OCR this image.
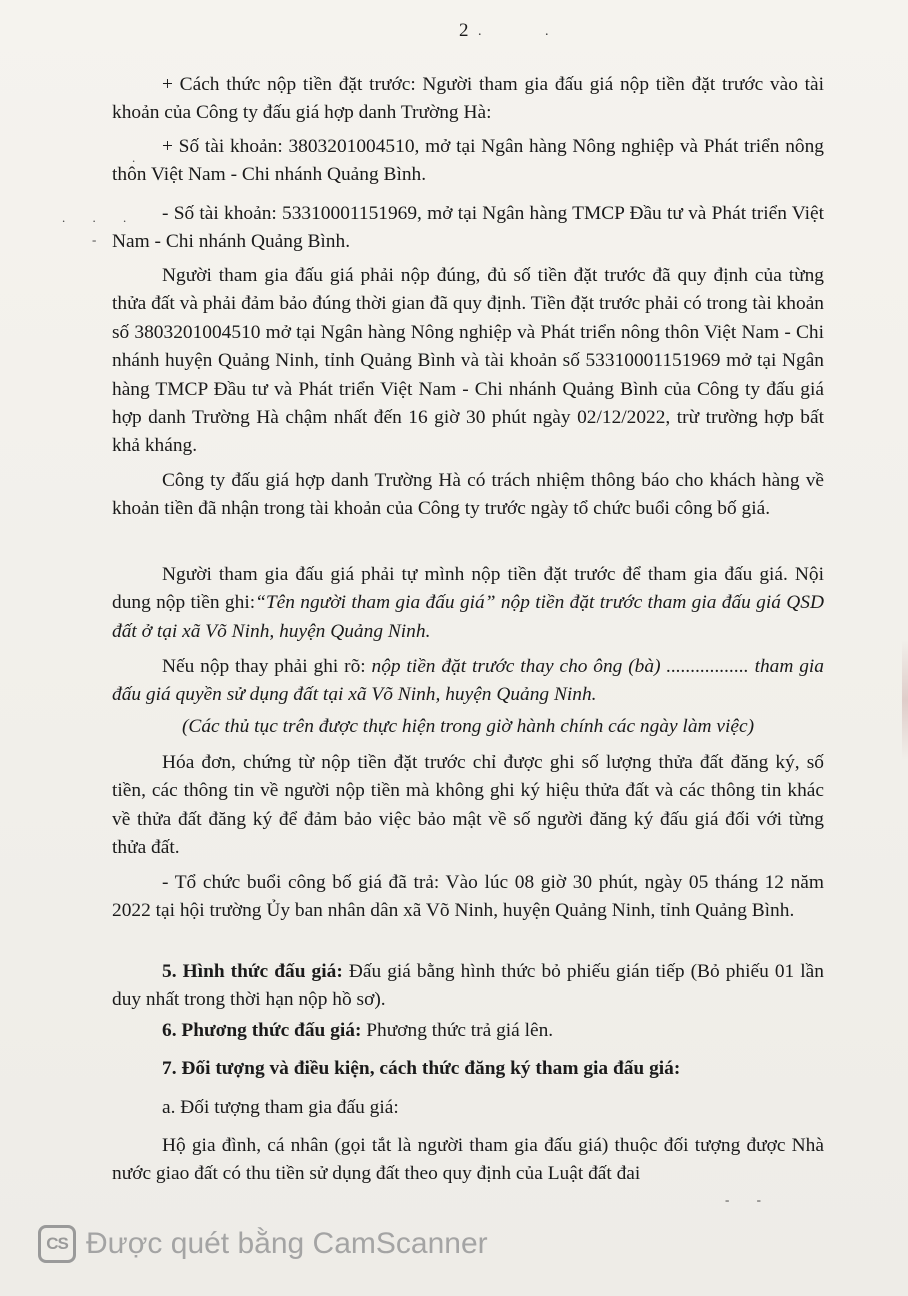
2 . .

+ Cách thức nộp tiền đặt trước: Người tham gia đấu giá nộp tiền đặt trước vào tài khoản của Công ty đấu giá hợp danh Trường Hà:

+ Số tài khoản: 3803201004510, mở tại Ngân hàng Nông nghiệp và Phát triển nông thôn Việt Nam - Chi nhánh Quảng Bình.

- Số tài khoản: 53310001151969, mở tại Ngân hàng TMCP Đầu tư và Phát triển Việt Nam - Chi nhánh Quảng Bình.

Người tham gia đấu giá phải nộp đúng, đủ số tiền đặt trước đã quy định của từng thửa đất và phải đảm bảo đúng thời gian đã quy định. Tiền đặt trước phải có trong tài khoản số 3803201004510 mở tại Ngân hàng Nông nghiệp và Phát triển nông thôn Việt Nam - Chi nhánh huyện Quảng Ninh, tỉnh Quảng Bình và tài khoản số 53310001151969 mở tại Ngân hàng TMCP Đầu tư và Phát triển Việt Nam - Chi nhánh Quảng Bình của Công ty đấu giá hợp danh Trường Hà chậm nhất đến 16 giờ 30 phút ngày 02/12/2022, trừ trường hợp bất khả kháng.

Công ty đấu giá hợp danh Trường Hà có trách nhiệm thông báo cho khách hàng về khoản tiền đã nhận trong tài khoản của Công ty trước ngày tổ chức buổi công bố giá.

Người tham gia đấu giá phải tự mình nộp tiền đặt trước để tham gia đấu giá. Nội dung nộp tiền ghi:“Tên người tham gia đấu giá” nộp tiền đặt trước tham gia đấu giá QSD đất ở tại xã Võ Ninh, huyện Quảng Ninh.

Nếu nộp thay phải ghi rõ: nộp tiền đặt trước thay cho ông (bà) ................. tham gia đấu giá quyền sử dụng đất tại xã Võ Ninh, huyện Quảng Ninh.

(Các thủ tục trên được thực hiện trong giờ hành chính các ngày làm việc)

Hóa đơn, chứng từ nộp tiền đặt trước chỉ được ghi số lượng thửa đất đăng ký, số tiền, các thông tin về người nộp tiền mà không ghi ký hiệu thửa đất và các thông tin khác về thửa đất đăng ký để đảm bảo việc bảo mật về số người đăng ký đấu giá đối với từng thửa đất.

- Tổ chức buổi công bố giá đã trả: Vào lúc 08 giờ 30 phút, ngày 05 tháng 12 năm 2022 tại hội trường Ủy ban nhân dân xã Võ Ninh, huyện Quảng Ninh, tỉnh Quảng Bình.

5. Hình thức đấu giá: Đấu giá bằng hình thức bỏ phiếu gián tiếp (Bỏ phiếu 01 lần duy nhất trong thời hạn nộp hồ sơ).

6. Phương thức đấu giá: Phương thức trả giá lên.

7. Đối tượng và điều kiện, cách thức đăng ký tham gia đấu giá:

a. Đối tượng tham gia đấu giá:

Hộ gia đình, cá nhân (gọi tắt là người tham gia đấu giá) thuộc đối tượng được Nhà nước giao đất có thu tiền sử dụng đất theo quy định của Luật đất đai

.
. . .
-
- -
CS Được quét bằng CamScanner
